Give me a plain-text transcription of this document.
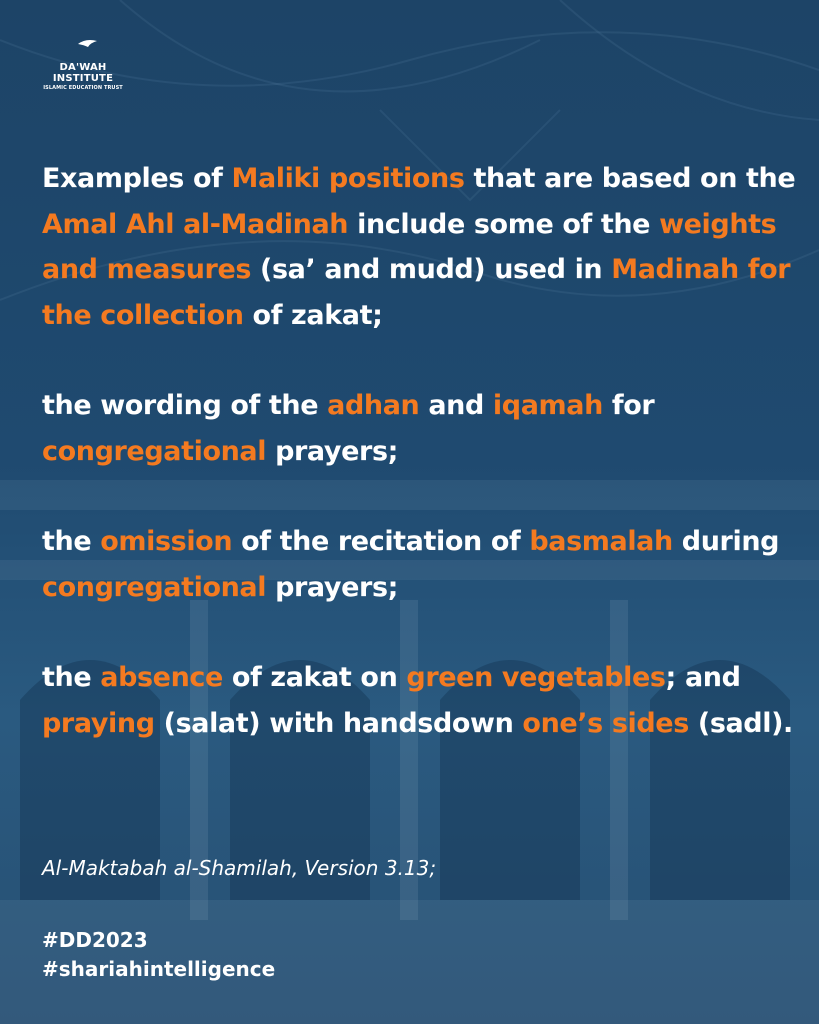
DA'WAH
INSTITUTE
ISLAMIC EDUCATION TRUST

Examples of Maliki positions that are based on the Amal Ahl al-Madinah include some of the weights and measures (sa’ and mudd) used in Madinah for the collection of zakat;

the wording of the adhan and iqamah for congregational prayers;

the omission of the recitation of basmalah during congregational prayers;

the absence of zakat on green vegetables; and praying (salat) with handsdown one’s sides (sadl).

Al-Maktabah al-Shamilah, Version 3.13;
#DD2023
#shariahintelligence
